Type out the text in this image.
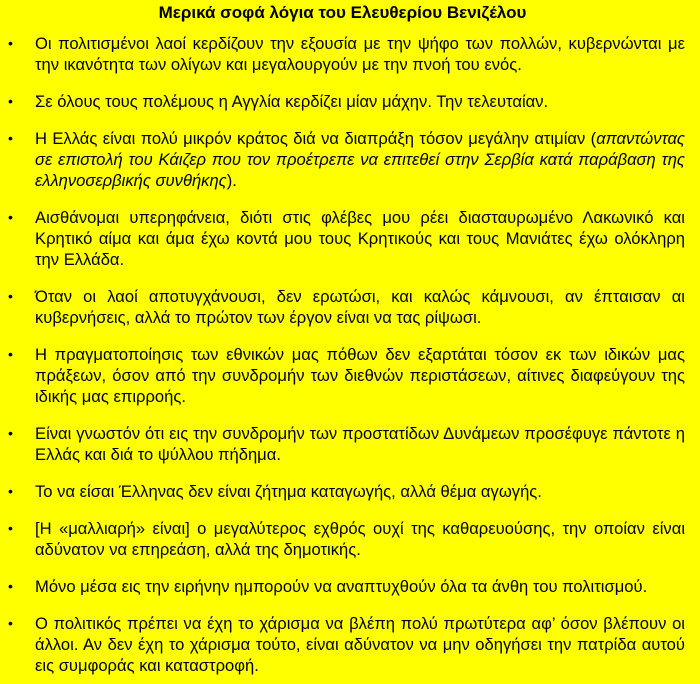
Μερικά σοφά λόγια του Ελευθερίου Βενιζέλου
• Οι πολιτισμένοι λαοί κερδίζουν την εξουσία με την ψήφο των πολλών, κυβερνώνται με την ικανότητα των ολίγων και μεγαλουργούν με την πνοή του ενός.
• Σε όλους τους πολέμους η Αγγλία κερδίζει μίαν μάχην. Την τελευταίαν.
• Η Ελλάς είναι πολύ μικρόν κράτος διά να διαπράξη τόσον μεγάλην ατιμίαν (απαντώντας σε επιστολή του Κάιζερ που τον προέτρεπε να επιτεθεί στην Σερβία κατά παράβαση της ελληνοσερβικής συνθήκης).
• Αισθάνομαι υπερηφάνεια, διότι στις φλέβες μου ρέει διασταυρωμένο Λακωνικό και Κρητικό αίμα και άμα έχω κοντά μου τους Κρητικούς και τους Μανιάτες έχω ολόκληρη την Ελλάδα.
• Όταν οι λαοί αποτυγχάνουσι, δεν ερωτώσι, και καλώς κάμνουσι, αν έπταισαν αι κυβερνήσεις, αλλά το πρώτον των έργον είναι να τας ρίψωσι.
• Η πραγματοποίησις των εθνικών μας πόθων δεν εξαρτάται τόσον εκ των ιδικών μας πράξεων, όσον από την συνδρομήν των διεθνών περιστάσεων, αίτινες διαφεύγουν της ιδικής μας επιρροής.
• Είναι γνωστόν ότι εις την συνδρομήν των προστατίδων Δυνάμεων προσέφυγε πάντοτε η Ελλάς και διά το ψύλλου πήδημα.
• Το να είσαι Έλληνας δεν είναι ζήτημα καταγωγής, αλλά θέμα αγωγής.
• [Η «μαλλιαρή» είναι] ο μεγαλύτερος εχθρός ουχί της καθαρευούσης, την οποίαν είναι αδύνατον να επηρεάση, αλλά της δημοτικής.
• Μόνο μέσα εις την ειρήνην ημπορούν να αναπτυχθούν όλα τα άνθη του πολιτισμού.
• Ο πολιτικός πρέπει να έχη το χάρισμα να βλέπη πολύ πρωτύτερα αφ’ όσον βλέπουν οι άλλοι. Αν δεν έχη το χάρισμα τούτο, είναι αδύνατον να μην οδηγήσει την πατρίδα αυτού εις συμφοράς και καταστροφή.
